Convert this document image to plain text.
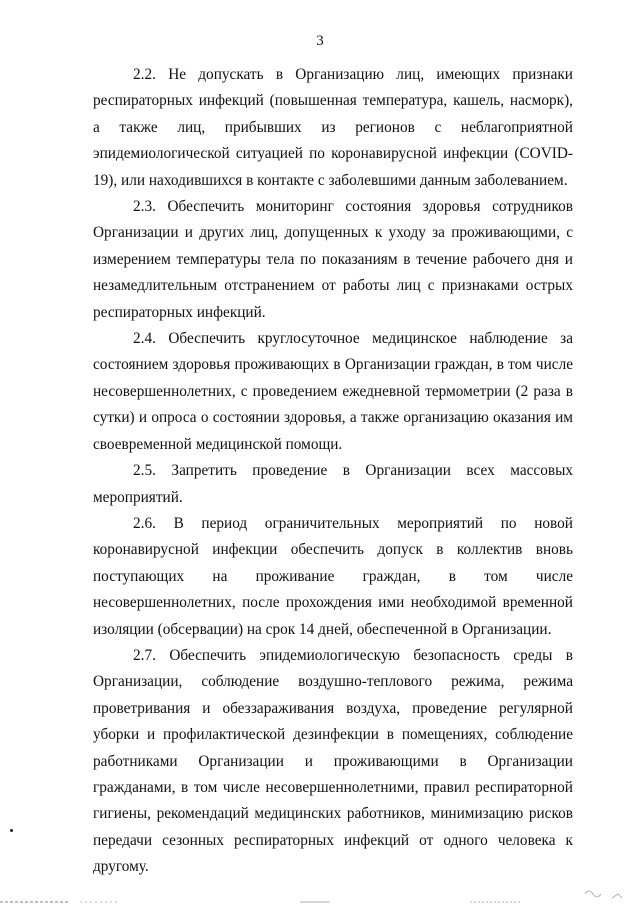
3

2.2. Не допускать в Организацию лиц, имеющих признаки респираторных инфекций (повышенная температура, кашель, насморк), а также лиц, прибывших из регионов с неблагоприятной эпидемиологической ситуацией по коронавирусной инфекции (COVID-19), или находившихся в контакте с заболевшими данным заболеванием.

2.3. Обеспечить мониторинг состояния здоровья сотрудников Организации и других лиц, допущенных к уходу за проживающими, с измерением температуры тела по показаниям в течение рабочего дня и незамедлительным отстранением от работы лиц с признаками острых респираторных инфекций.

2.4. Обеспечить круглосуточное медицинское наблюдение за состоянием здоровья проживающих в Организации граждан, в том числе несовершеннолетних, с проведением ежедневной термометрии (2 раза в сутки) и опроса о состоянии здоровья, а также организацию оказания им своевременной медицинской помощи.

2.5. Запретить проведение в Организации всех массовых мероприятий.

2.6. В период ограничительных мероприятий по новой коронавирусной инфекции обеспечить допуск в коллектив вновь поступающих на проживание граждан, в том числе несовершеннолетних, после прохождения ими необходимой временной изоляции (обсервации) на срок 14 дней, обеспеченной в Организации.

2.7. Обеспечить эпидемиологическую безопасность среды в Организации, соблюдение воздушно-теплового режима, режима проветривания и обеззараживания воздуха, проведение регулярной уборки и профилактической дезинфекции в помещениях, соблюдение работниками Организации и проживающими в Организации гражданами, в том числе несовершеннолетними, правил респираторной гигиены, рекомендаций медицинских работников, минимизацию рисков передачи сезонных респираторных инфекций от одного человека к другому.
